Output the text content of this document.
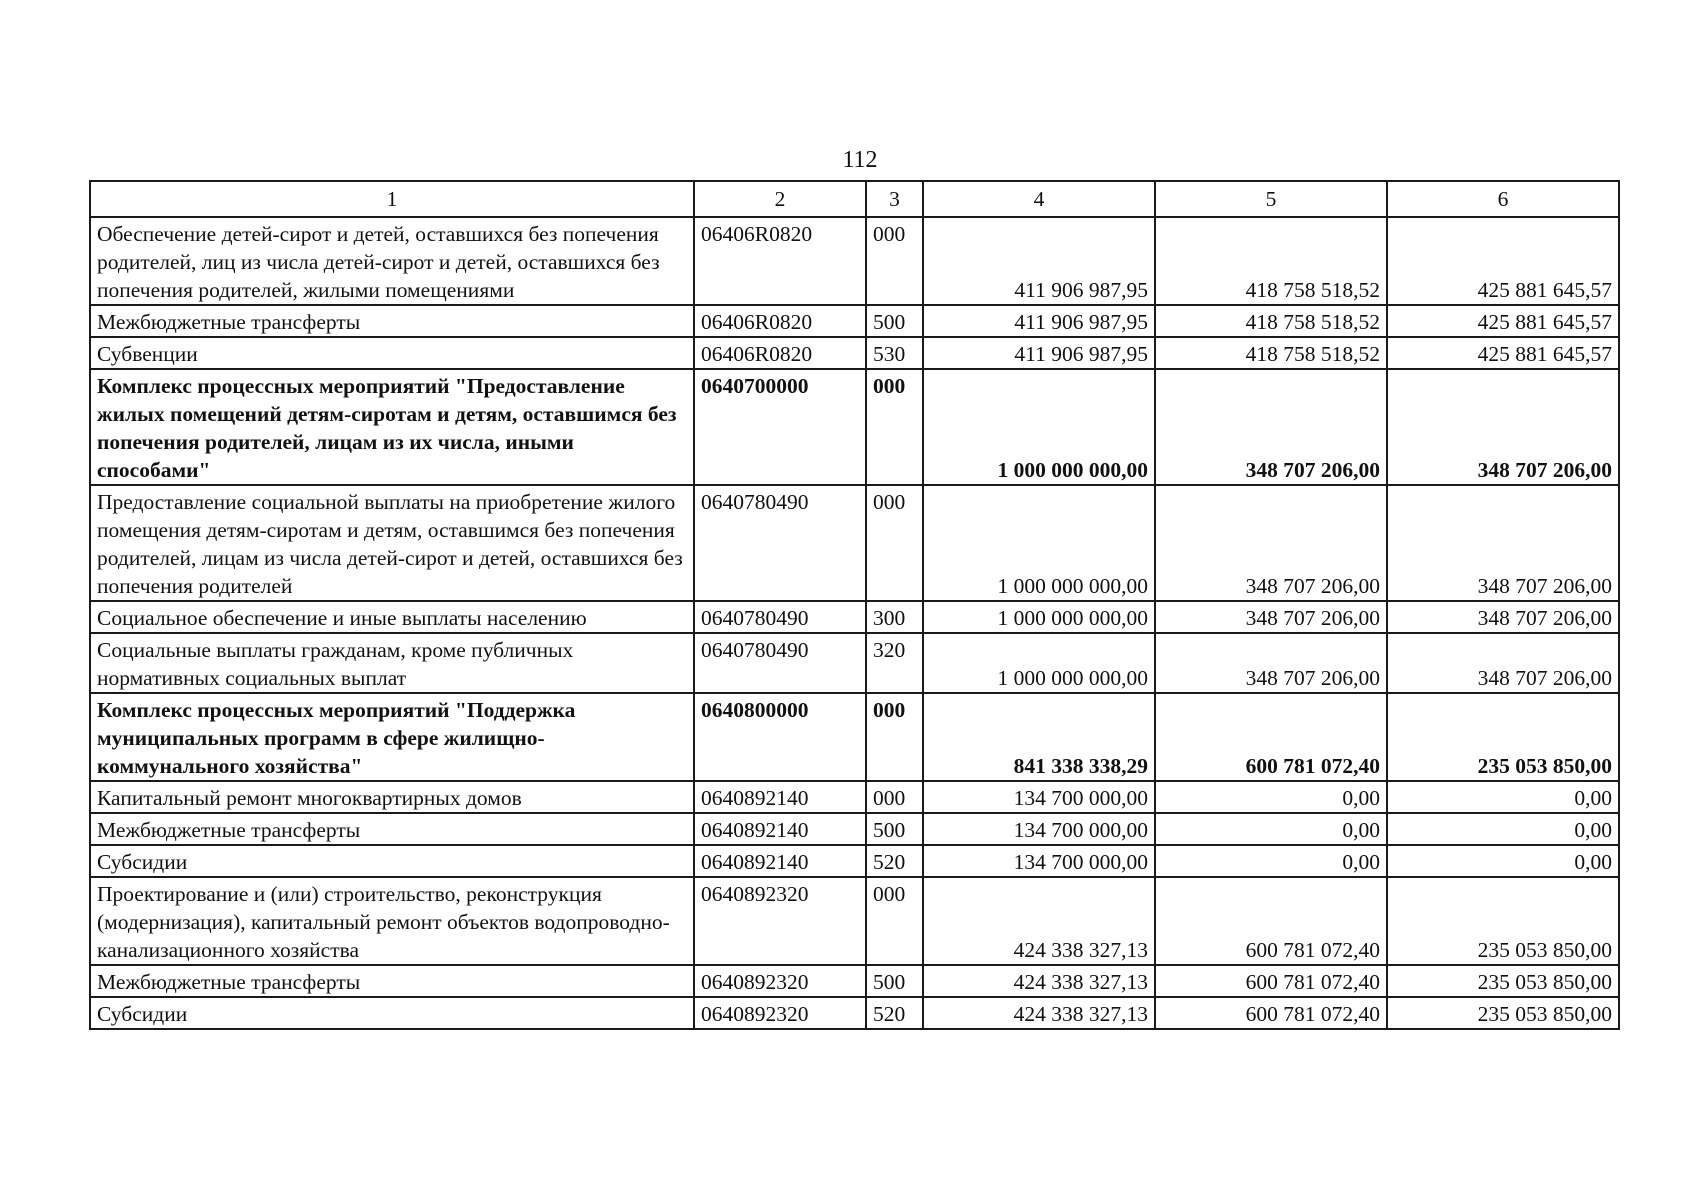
112
1	2	3	4	5	6
Обеспечение детей-сирот и детей, оставшихся без попечения родителей, лиц из числа детей-сирот и детей, оставшихся без попечения родителей, жилыми помещениями	06406R0820	000	411 906 987,95	418 758 518,52	425 881 645,57
Межбюджетные трансферты	06406R0820	500	411 906 987,95	418 758 518,52	425 881 645,57
Субвенции	06406R0820	530	411 906 987,95	418 758 518,52	425 881 645,57
Комплекс процессных мероприятий "Предоставление жилых помещений детям-сиротам и детям, оставшимся без попечения родителей, лицам из их числа, иными способами"	0640700000	000	1 000 000 000,00	348 707 206,00	348 707 206,00
Предоставление социальной выплаты на приобретение жилого помещения детям-сиротам и детям, оставшимся без попечения родителей, лицам из числа детей-сирот и детей, оставшихся без попечения родителей	0640780490	000	1 000 000 000,00	348 707 206,00	348 707 206,00
Социальное обеспечение и иные выплаты населению	0640780490	300	1 000 000 000,00	348 707 206,00	348 707 206,00
Социальные выплаты гражданам, кроме публичных нормативных социальных выплат	0640780490	320	1 000 000 000,00	348 707 206,00	348 707 206,00
Комплекс процессных мероприятий "Поддержка муниципальных программ в сфере жилищно-коммунального хозяйства"	0640800000	000	841 338 338,29	600 781 072,40	235 053 850,00
Капитальный ремонт многоквартирных домов	0640892140	000	134 700 000,00	0,00	0,00
Межбюджетные трансферты	0640892140	500	134 700 000,00	0,00	0,00
Субсидии	0640892140	520	134 700 000,00	0,00	0,00
Проектирование и (или) строительство, реконструкция (модернизация), капитальный ремонт объектов водопроводно-канализационного хозяйства	0640892320	000	424 338 327,13	600 781 072,40	235 053 850,00
Межбюджетные трансферты	0640892320	500	424 338 327,13	600 781 072,40	235 053 850,00
Субсидии	0640892320	520	424 338 327,13	600 781 072,40	235 053 850,00
